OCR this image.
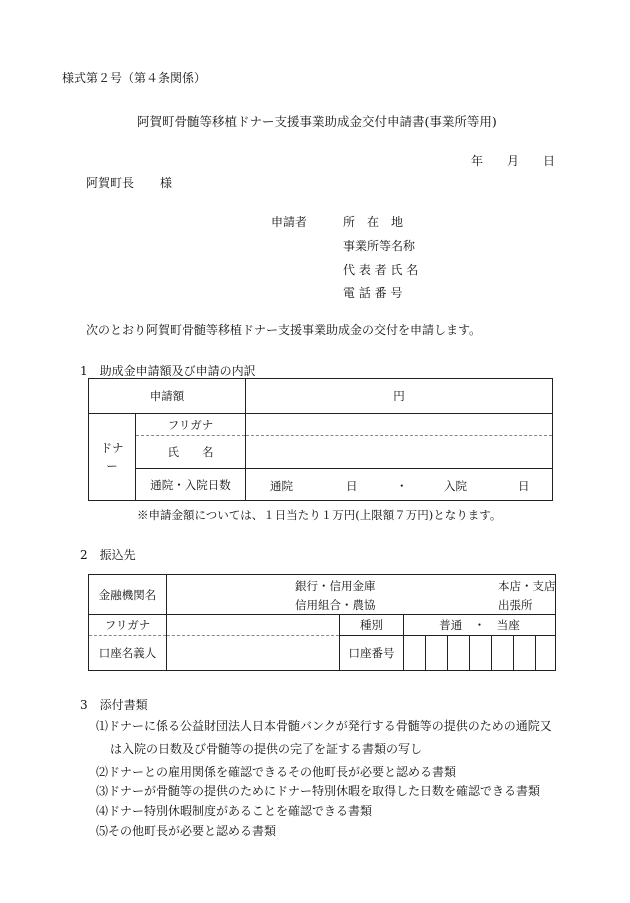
様式第２号（第４条関係）
阿賀町骨髄等移植ドナー支援事業助成金交付申請書(事業所等用)
年 月 日
阿賀町長 様
申請者	所　在　地
事業所等名称
代 表 者 氏 名
電 話 番 号
次のとおり阿賀町骨髄等移植ドナー支援事業助成金の交付を申請します。
1　助成金申請額及び申請の内訳
申請額		円
ドナー	フリガナ	
	氏　　名	
	通院・入院日数	通院 日 ・ 入院 日
※申請金額については、１日当たり１万円(上限額７万円)となります。
2　振込先
金融機関名	銀行・信用金庫
信用組合・農協
本店・支店
出張所								

フリガナ		種別	普通　・　当座						
口座名義人		口座番号							
3　添付書類
⑴ドナーに係る公益財団法人日本骨髄バンクが発行する骨髄等の提供のための通院又
は入院の日数及び骨髄等の提供の完了を証する書類の写し
⑵ドナーとの雇用関係を確認できるその他町長が必要と認める書類
⑶ドナーが骨髄等の提供のためにドナー特別休暇を取得した日数を確認できる書類
⑷ドナー特別休暇制度があることを確認できる書類
⑸その他町長が必要と認める書類
